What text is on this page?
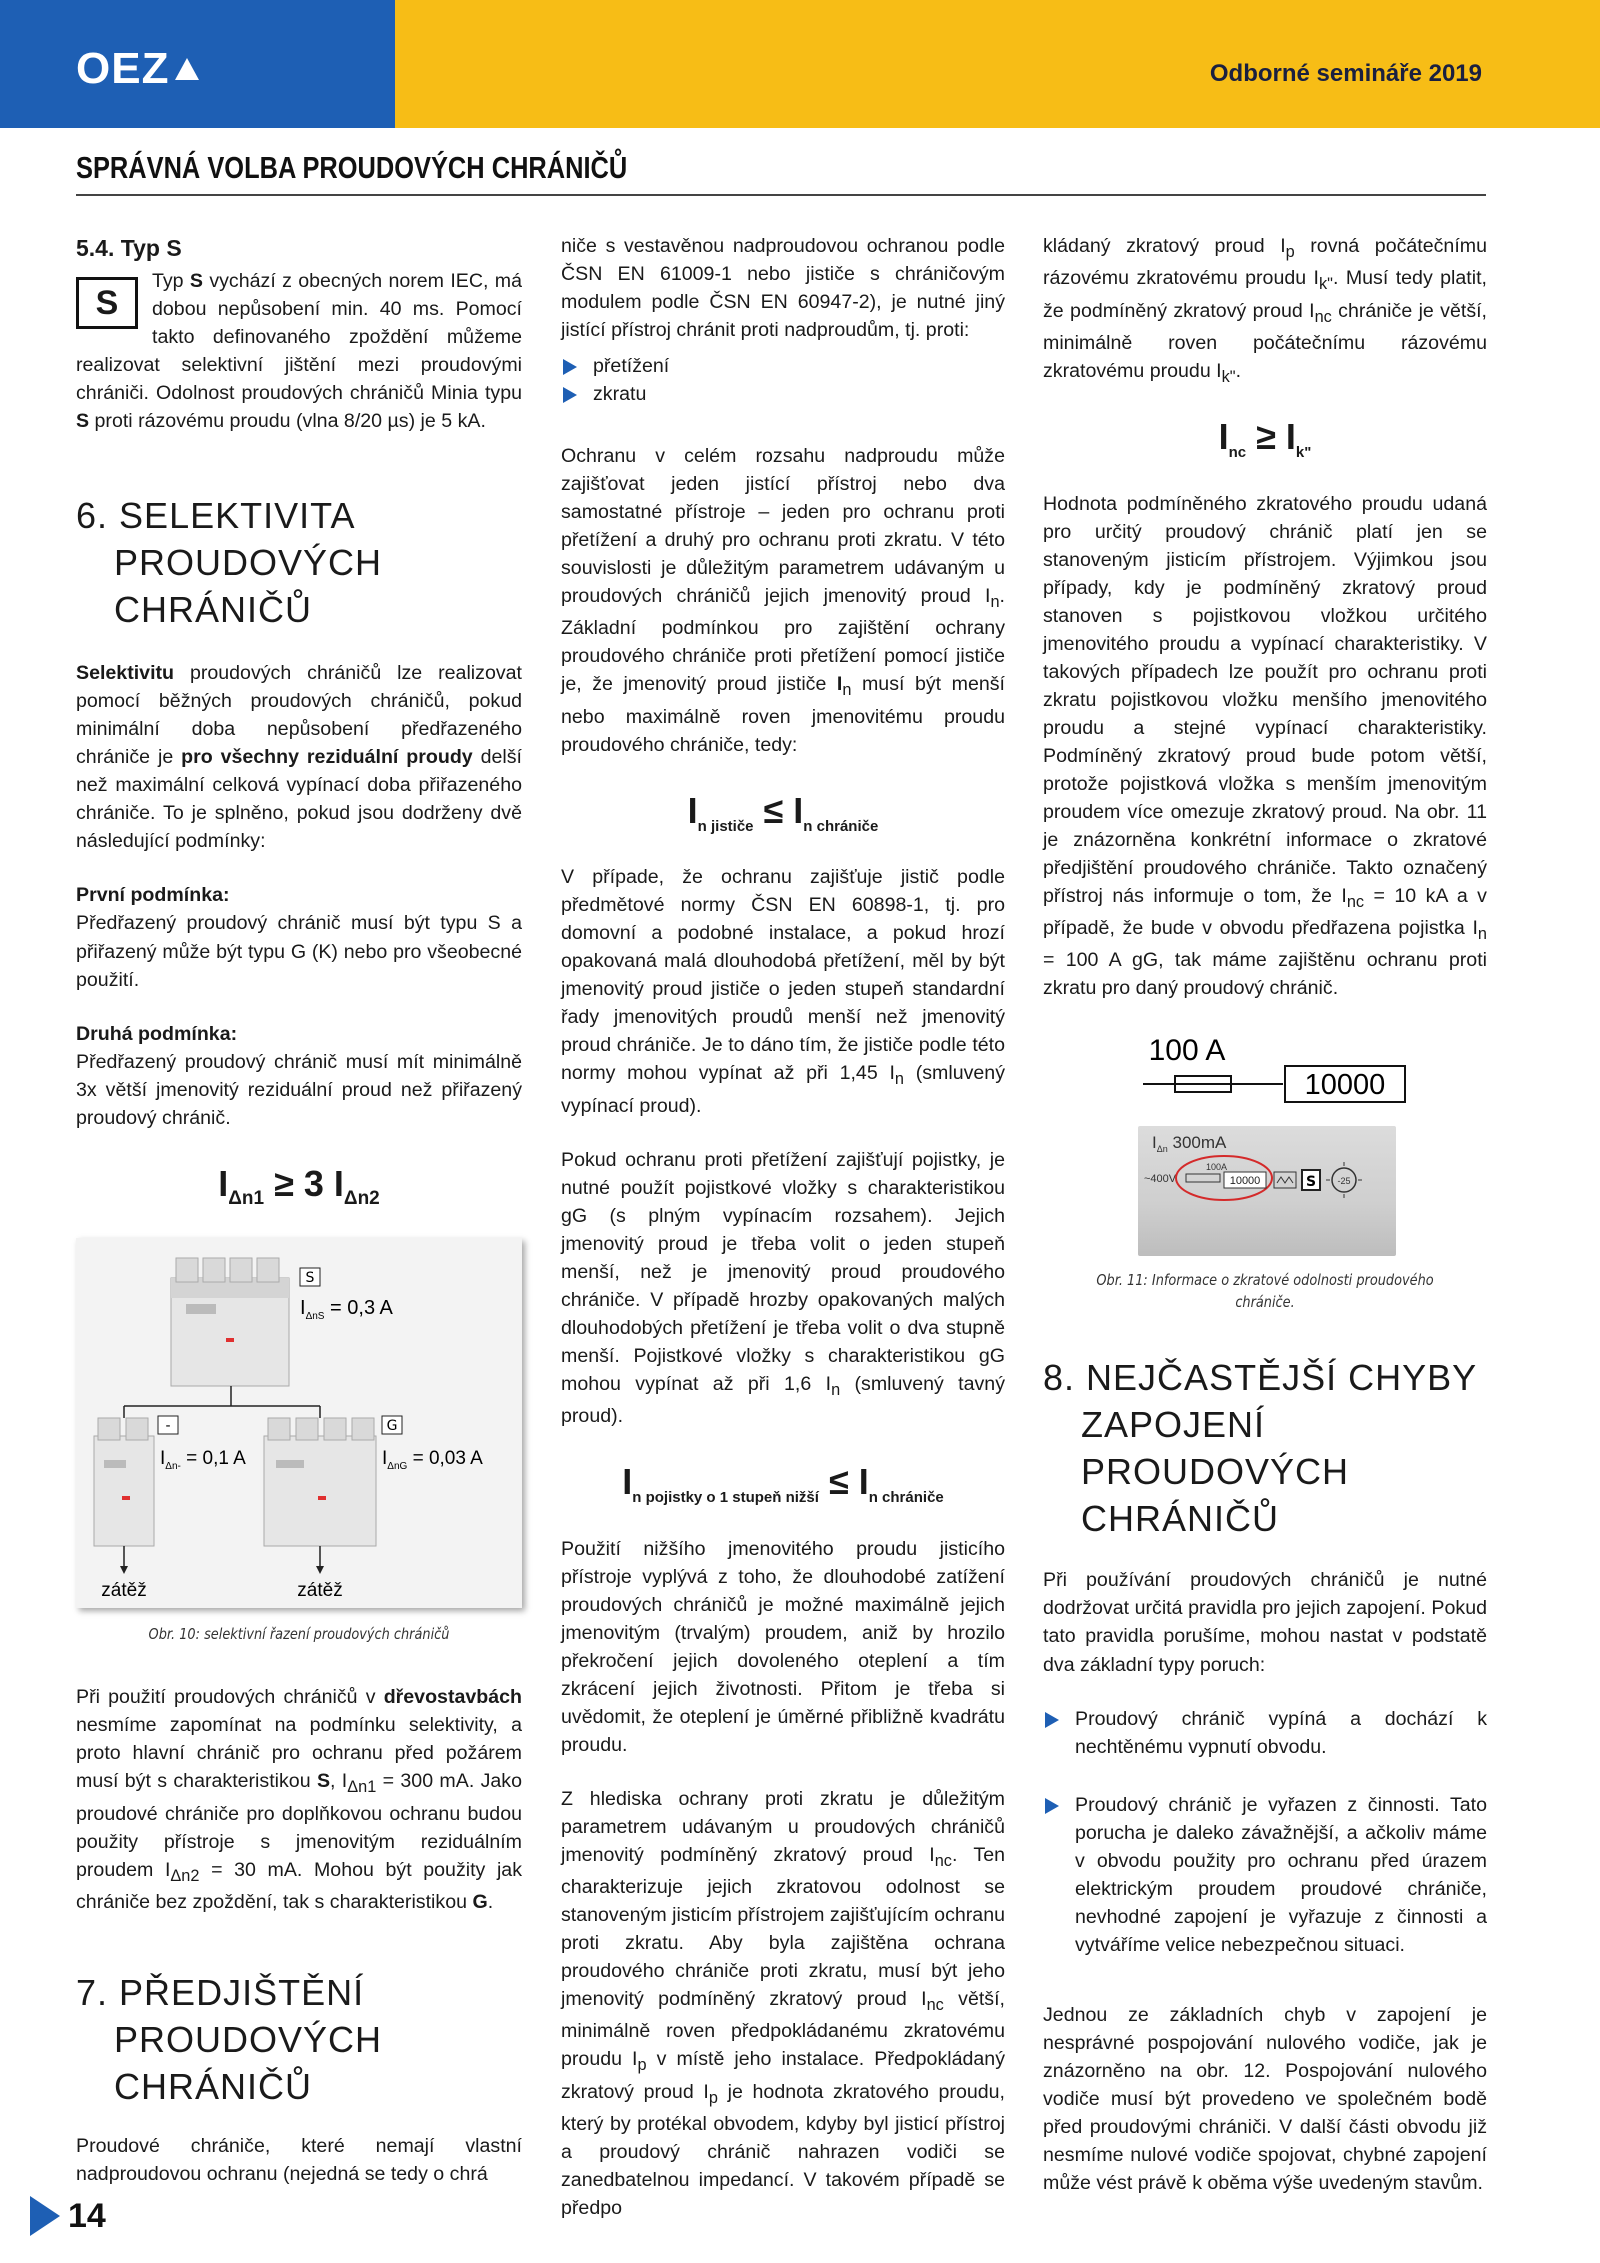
OEZ	Odborné semináře 2019
SPRÁVNÁ VOLBA PROUDOVÝCH CHRÁNIČŮ
5.4. Typ S

S
Typ S vychází z obecných norem IEC, má dobou nepůsobení min. 40 ms. Pomocí takto definovaného zpoždění můžeme realizovat selektivní jištění mezi proudovými chrániči. Odolnost proudových chráničů Minia typu S proti rázovému proudu (vlna 8/20 µs) je 5 kA.

6. SELEKTIVITA
PROUDOVÝCH CHRÁNIČŮ

Selektivitu proudových chráničů lze realizovat pomocí běžných proudových chráničů, pokud minimální doba nepůsobení předřazeného chrániče je pro všechny reziduální proudy delší než maximální celková vypínací doba přiřazeného chrániče. To je splněno, pokud jsou dodrženy dvě následující podmínky:

První podmínka:

Předřazený proudový chránič musí být typu S a přiřazený může být typu G (K) nebo pro všeobecné použití.

Druhá podmínka:

Předřazený proudový chránič musí mít minimálně 3x větší jmenovitý reziduální proud než přiřazený proudový chránič.

$I_{\Delta n1} \ge 3$ $I_{\Delta n2}$
S
-	G
$I_{\Delta nS} = 0,3$ A
$I_{\Delta n-} = 0,1$ A	$I_{\Delta nG} = 0,03$ A
zátěž	zátěž
Obr. 10: selektivní řazení proudových chráničů

Při použití proudových chráničů v dřevostavbách nesmíme zapomínat na podmínku selektivity, a proto hlavní chránič pro ochranu před požárem musí být s charakteristikou S, $I_{\Delta n1} = 300$ mA. Jako proudové chrániče pro doplňkovou ochranu budou použity přístroje s jmenovitým reziduálním proudem $I_{\Delta n2} = 30$ mA. Mohou být použity jak chrániče bez zpoždění, tak s charakteristikou G.

7. PŘEDJIŠTĚNÍ
PROUDOVÝCH CHRÁNIČŮ

Proudové chrániče, které nemají vlastní nadproudovou ochranu (nejedná se tedy o chrá

niče s vestavěnou nadproudovou ochranou podle ČSN EN 61009-1 nebo jističe s chráničovým modulem podle ČSN EN 60947-2), je nutné jiný jistící přístroj chránit proti nadproudům, tj. proti:

přetížení
zkratu

Ochranu v celém rozsahu nadproudu může zajišťovat jeden jistící přístroj nebo dva samostatné přístroje – jeden pro ochranu proti přetížení a druhý pro ochranu proti zkratu. V této souvislosti je důležitým parametrem udávaným u proudových chráničů jejich jmenovitý proud $I_n$. Základní podmínkou pro zajištění ochrany proudového chrániče proti přetížení pomocí jističe je, že jmenovitý proud jističe $I_n$ musí být menší nebo maximálně roven jmenovitému proudu proudového chrániče, tedy:

$I_{n jističe} \le I_{n chrániče}$

V případe, že ochranu zajišťuje jistič podle předmětové normy ČSN EN 60898-1, tj. pro domovní a podobné instalace, a pokud hrozí opakovaná malá dlouhodobá přetížení, měl by být jmenovitý proud jističe o jeden stupeň standardní řady jmenovitých proudů menší než jmenovitý proud chrániče. Je to dáno tím, že jističe podle této normy mohou vypínat až při 1,45 $I_n$ (smluvený vypínací proud).

Pokud ochranu proti přetížení zajišťují pojistky, je nutné použít pojistkové vložky s charakteristikou gG (s plným vypínacím rozsahem). Jejich jmenovitý proud je třeba volit o jeden stupeň menší, než je jmenovitý proud proudového chrániče. V případě hrozby opakovaných malých dlouhodobých přetížení je třeba volit o dva stupně menší. Pojistkové vložky s charakteristikou gG mohou vypínat až při 1,6 $I_n$ (smluvený tavný proud).

$I_{n pojistky o 1 stupeň nižší} \le I_{n chrániče}$

Použití nižšího jmenovitého proudu jisticího přístroje vyplývá z toho, že dlouhodobé zatížení proudových chráničů je možné maximálně jejich jmenovitým (trvalým) proudem, aniž by hrozilo překročení jejich dovoleného oteplení a tím zkrácení jejich životnosti. Přitom je třeba si uvědomit, že oteplení je úměrné přibližně kvadrátu proudu.

Z hlediska ochrany proti zkratu je důležitým parametrem udávaným u proudových chráničů jmenovitý podmíněný zkratový proud $I_{nc}$. Ten charakterizuje jejich zkratovou odolnost se stanoveným jisticím přístrojem zajišťujícím ochranu proti zkratu. Aby byla zajištěna ochrana proudového chrániče proti zkratu, musí být jeho jmenovitý podmíněný zkratový proud $I_{nc}$ větší, minimálně roven předpokládanému zkratovému proudu $I_p$ v místě jeho instalace. Předpokládaný zkratový proud $I_p$ je hodnota zkratového proudu, který by protékal obvodem, kdyby byl jisticí přístroj a proudový chránič nahrazen vodiči se zanedbatelnou impedancí. V takovém případě se předpo

kládaný zkratový proud $I_p$ rovná počátečnímu rázovému zkratovému proudu $I_{k"}$. Musí tedy platit, že podmíněný zkratový proud $I_{nc}$ chrániče je větší, minimálně roven počátečnímu rázovému zkratovému proudu $I_{k"}$.

$I_{nc} \ge I_{k"}$

Hodnota podmíněného zkratového proudu udaná pro určitý proudový chránič platí jen se stanoveným jisticím přístrojem. Výjimkou jsou případy, kdy je podmíněný zkratový proud stanoven s pojistkovou vložkou určitého jmenovitého proudu a vypínací charakteristiky. V takových případech lze použít pro ochranu proti zkratu pojistkovou vložku menšího jmenovitého proudu a stejné vypínací charakteristiky. Podmíněný zkratový proud bude potom větší, protože pojistková vložka s menším jmenovitým proudem více omezuje zkratový proud. Na obr. 11 je znázorněna konkrétní informace o zkratové předjištění proudového chrániče. Takto označený přístroj nás informuje o tom, že $I_{nc} = 10$ kA a v případě, že bude v obvodu předřazena pojistka $I_n = 100$ A gG, tak máme zajištěnu ochranu proti zkratu pro daný proudový chránič.

100 A
10000
$I_{\Delta n}$ 300mA
~400V
100A
10000	S -25
Obr. 11: Informace o zkratové odolnosti proudového chrániče.
8. NEJČASTĚJŠÍ CHYBY
ZAPOJENÍ PROUDOVÝCH
CHRÁNIČŮ

Při používání proudových chráničů je nutné dodržovat určitá pravidla pro jejich zapojení. Pokud tato pravidla porušíme, mohou nastat v podstatě dva základní typy poruch:

Proudový chránič vypíná a dochází k nechtěnému vypnutí obvodu.
Proudový chránič je vyřazen z činnosti. Tato porucha je daleko závažnější, a ačkoliv máme v obvodu použity pro ochranu před úrazem elektrickým proudem proudové chrániče, nevhodné zapojení je vyřazuje z činnosti a vytváříme velice nebezpečnou situaci.

Jednou ze základních chyb v zapojení je nesprávné pospojování nulového vodiče, jak je znázorněno na obr. 12. Pospojování nulového vodiče musí být provedeno ve společném bodě před proudovými chrániči. V další části obvodu již nesmíme nulové vodiče spojovat, chybné zapojení může vést právě k oběma výše uvedeným stavům.

14
